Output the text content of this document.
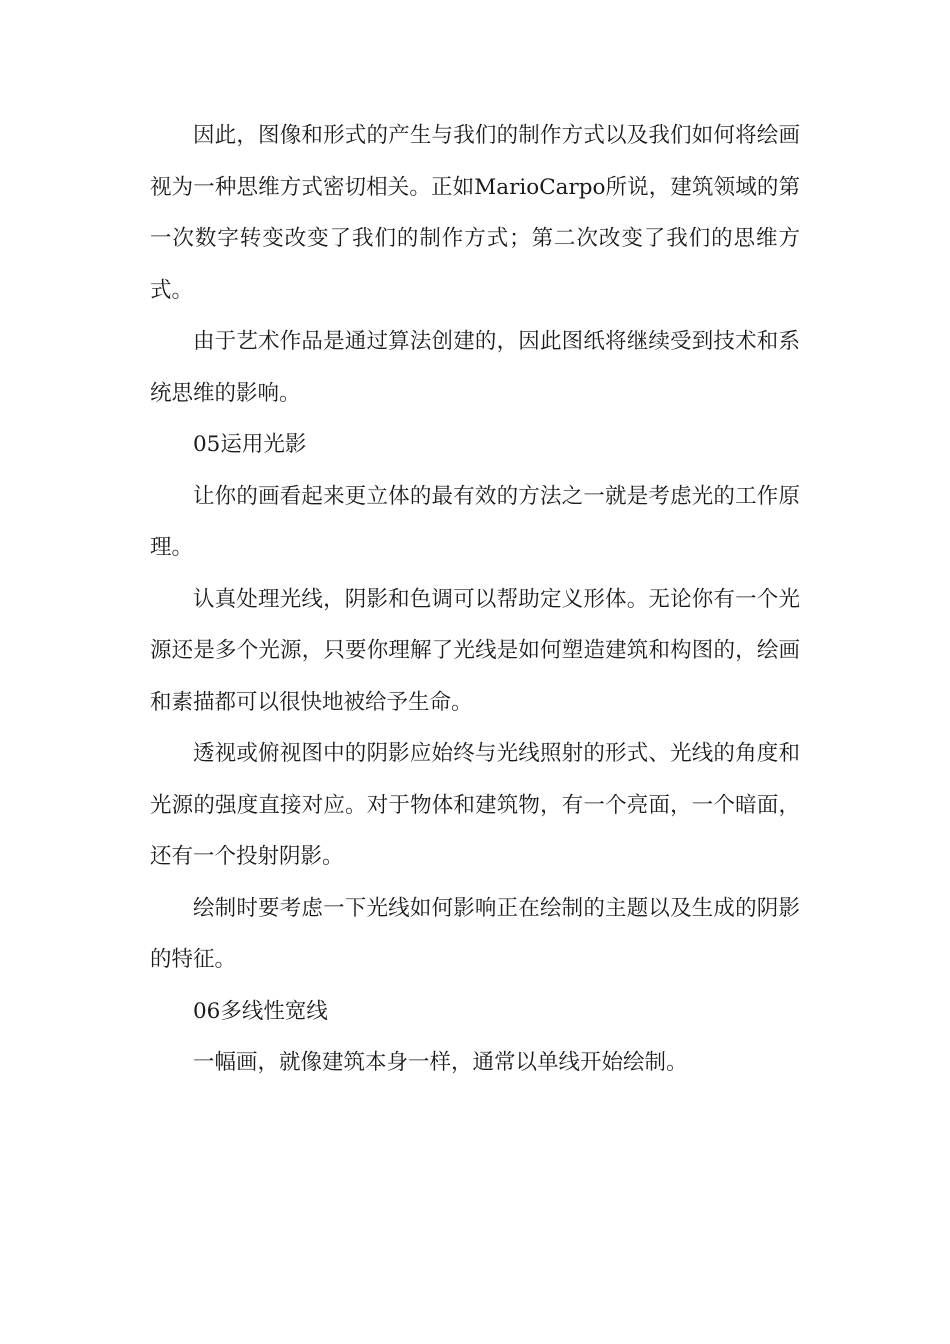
因此，图像和形式的产生与我们的制作方式以及我们如何将绘画视为一种思维方式密切相关。正如MarioCarpo所说，建筑领域的第一次数字转变改变了我们的制作方式；第二次改变了我们的思维方式。

由于艺术作品是通过算法创建的，因此图纸将继续受到技术和系统思维的影响。

05运用光影

让你的画看起来更立体的最有效的方法之一就是考虑光的工作原理。

认真处理光线，阴影和色调可以帮助定义形体。无论你有一个光源还是多个光源，只要你理解了光线是如何塑造建筑和构图的，绘画和素描都可以很快地被给予生命。

透视或俯视图中的阴影应始终与光线照射的形式、光线的角度和光源的强度直接对应。对于物体和建筑物，有一个亮面，一个暗面，还有一个投射阴影。

绘制时要考虑一下光线如何影响正在绘制的主题以及生成的阴影的特征。

06多线性宽线

一幅画，就像建筑本身一样，通常以单线开始绘制。
